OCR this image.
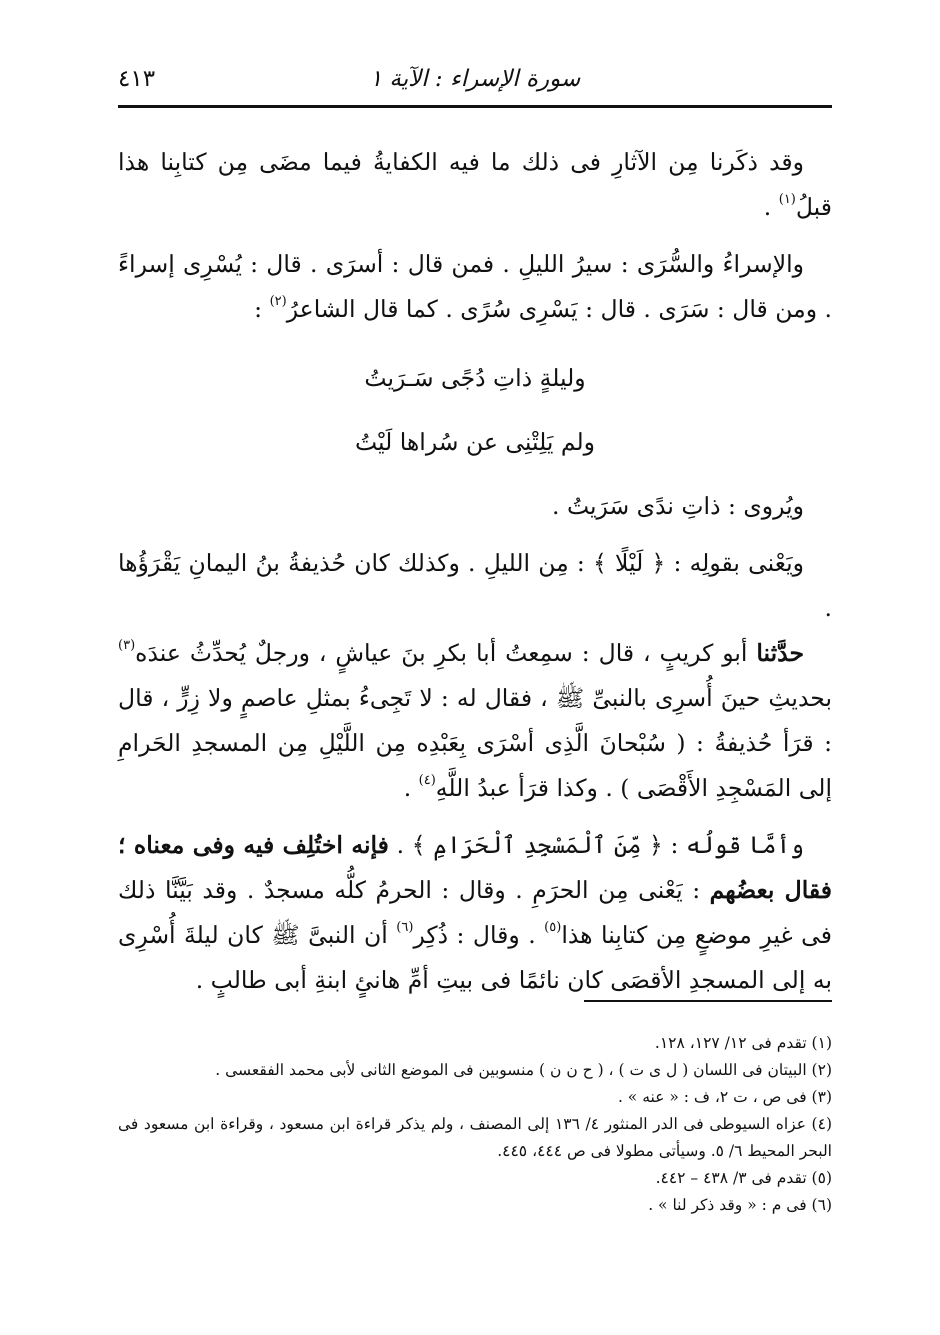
٤١٣	سورة الإسراء : الآية ١

وقد ذكَرنا مِن الآثارِ فى ذلك ما فيه الكفايةُ فيما مضَى مِن كتابِنا هذا قبلُ$^{(١)}$ .

والإسراءُ والسُّرَى : سيرُ الليلِ . فمن قال : أسرَى . قال : يُسْرِى إسراءً . ومن قال : سَرَى . قال : يَسْرِى سُرًى . كما قال الشاعرُ$^{(٢)}$ :

وليلةٍ ذاتِ دُجًى سَـرَيتُ
ولم يَلِتْنِى عن سُراها لَيْتُ

ويُروى : ذاتِ ندًى سَرَيتُ .

ويَعْنى بقولِه : ﴿ لَيْلًا ﴾ : مِن الليلِ . وكذلك كان حُذيفةُ بنُ اليمانِ يَقْرَؤُها .

حدَّثنا أبو كريبٍ ، قال : سمِعتُ أبا بكرِ بنَ عياشٍ ، ورجلٌ يُحدِّثُ عندَه$^{(٣)}$ بحديثِ حينَ أُسرِى بالنبىِّ ﷺ ، فقال له : لا تَجِىءُ بمثلِ عاصمٍ ولا زِرٍّ ، قال : قرَأ حُذيفةُ : ( سُبْحانَ الَّذِى أسْرَى بِعَبْدِه مِن اللَّيْلِ مِن المسجدِ الحَرامِ إلى المَسْجِدِ الأَقْصَى ) . وكذا قرَأ عبدُ اللَّهِ$^{(٤)}$ .

وأمَّا قولُه : ﴿ مِّنَ ٱلْمَسْجِدِ ٱلْحَرَامِ ﴾ . فإنه اختُلِف فيه وفى معناه ؛ فقال بعضُهم : يَعْنى مِن الحرَمِ . وقال : الحرمُ كلُّه مسجدٌ . وقد بَيَّنَّا ذلك فى غيرِ موضعٍ مِن كتابِنا هذا$^{(٥)}$ . وقال : ذُكِر$^{(٦)}$ أن النبىَّ ﷺ كان ليلةَ أُسْرِى به إلى المسجدِ الأقصَى كان نائمًا فى بيتِ أمِّ هانئٍ ابنةِ أبى طالبٍ .

(١) تقدم فى ١٢/ ١٢٧، ١٢٨.

(٢) البيتان فى اللسان ( ل ى ت ) ، ( ح ن ن ) منسوبين فى الموضع الثانى لأبى محمد الفقعسى .

(٣) فى ص ، ت ٢، ف : « عنه » .

(٤) عزاه السيوطى فى الدر المنثور ٤/ ١٣٦ إلى المصنف ، ولم يذكر قراءة ابن مسعود ، وقراءة ابن مسعود فى البحر المحيط ٦/ ٥. وسيأتى مطولا فى ص ٤٤٤، ٤٤٥.

(٥) تقدم فى ٣/ ٤٣٨ – ٤٤٢.

(٦) فى م : « وقد ذكر لنا » .
